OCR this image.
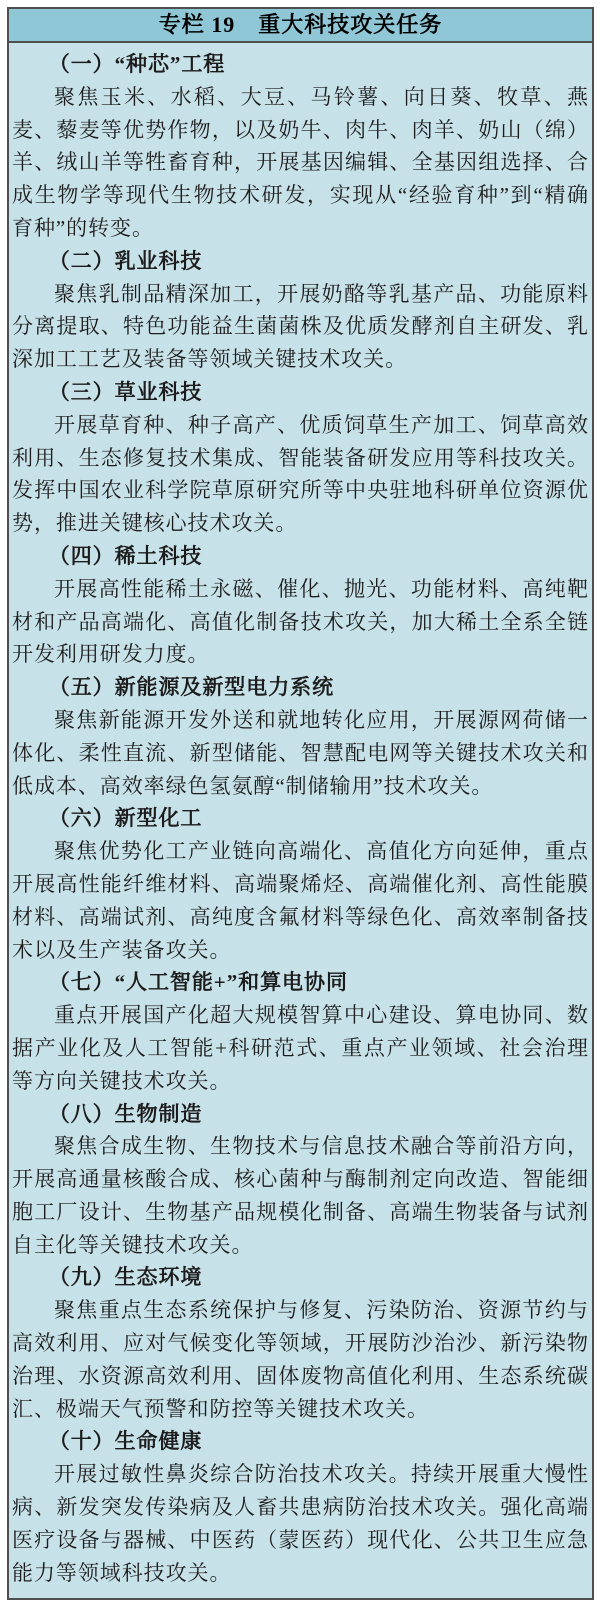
专栏 19　重大科技攻关任务

（一）“种芯”工程

聚焦玉米、水稻、大豆、马铃薯、向日葵、牧草、燕麦、藜麦等优势作物，以及奶牛、肉牛、肉羊、奶山（绵）羊、绒山羊等牲畜育种，开展基因编辑、全基因组选择、合成生物学等现代生物技术研发，实现从“经验育种”到“精确育种”的转变。

（二）乳业科技

聚焦乳制品精深加工，开展奶酪等乳基产品、功能原料分离提取、特色功能益生菌菌株及优质发酵剂自主研发、乳深加工工艺及装备等领域关键技术攻关。

（三）草业科技

开展草育种、种子高产、优质饲草生产加工、饲草高效利用、生态修复技术集成、智能装备研发应用等科技攻关。发挥中国农业科学院草原研究所等中央驻地科研单位资源优势，推进关键核心技术攻关。

（四）稀土科技

开展高性能稀土永磁、催化、抛光、功能材料、高纯靶材和产品高端化、高值化制备技术攻关，加大稀土全系全链开发利用研发力度。

（五）新能源及新型电力系统

聚焦新能源开发外送和就地转化应用，开展源网荷储一体化、柔性直流、新型储能、智慧配电网等关键技术攻关和低成本、高效率绿色氢氨醇“制储输用”技术攻关。

（六）新型化工

聚焦优势化工产业链向高端化、高值化方向延伸，重点开展高性能纤维材料、高端聚烯烃、高端催化剂、高性能膜材料、高端试剂、高纯度含氟材料等绿色化、高效率制备技术以及生产装备攻关。

（七）“人工智能+”和算电协同

重点开展国产化超大规模智算中心建设、算电协同、数据产业化及人工智能+科研范式、重点产业领域、社会治理等方向关键技术攻关。

（八）生物制造

聚焦合成生物、生物技术与信息技术融合等前沿方向，开展高通量核酸合成、核心菌种与酶制剂定向改造、智能细胞工厂设计、生物基产品规模化制备、高端生物装备与试剂自主化等关键技术攻关。

（九）生态环境

聚焦重点生态系统保护与修复、污染防治、资源节约与高效利用、应对气候变化等领域，开展防沙治沙、新污染物治理、水资源高效利用、固体废物高值化利用、生态系统碳汇、极端天气预警和防控等关键技术攻关。

（十）生命健康

开展过敏性鼻炎综合防治技术攻关。持续开展重大慢性病、新发突发传染病及人畜共患病防治技术攻关。强化高端医疗设备与器械、中医药（蒙医药）现代化、公共卫生应急能力等领域科技攻关。
